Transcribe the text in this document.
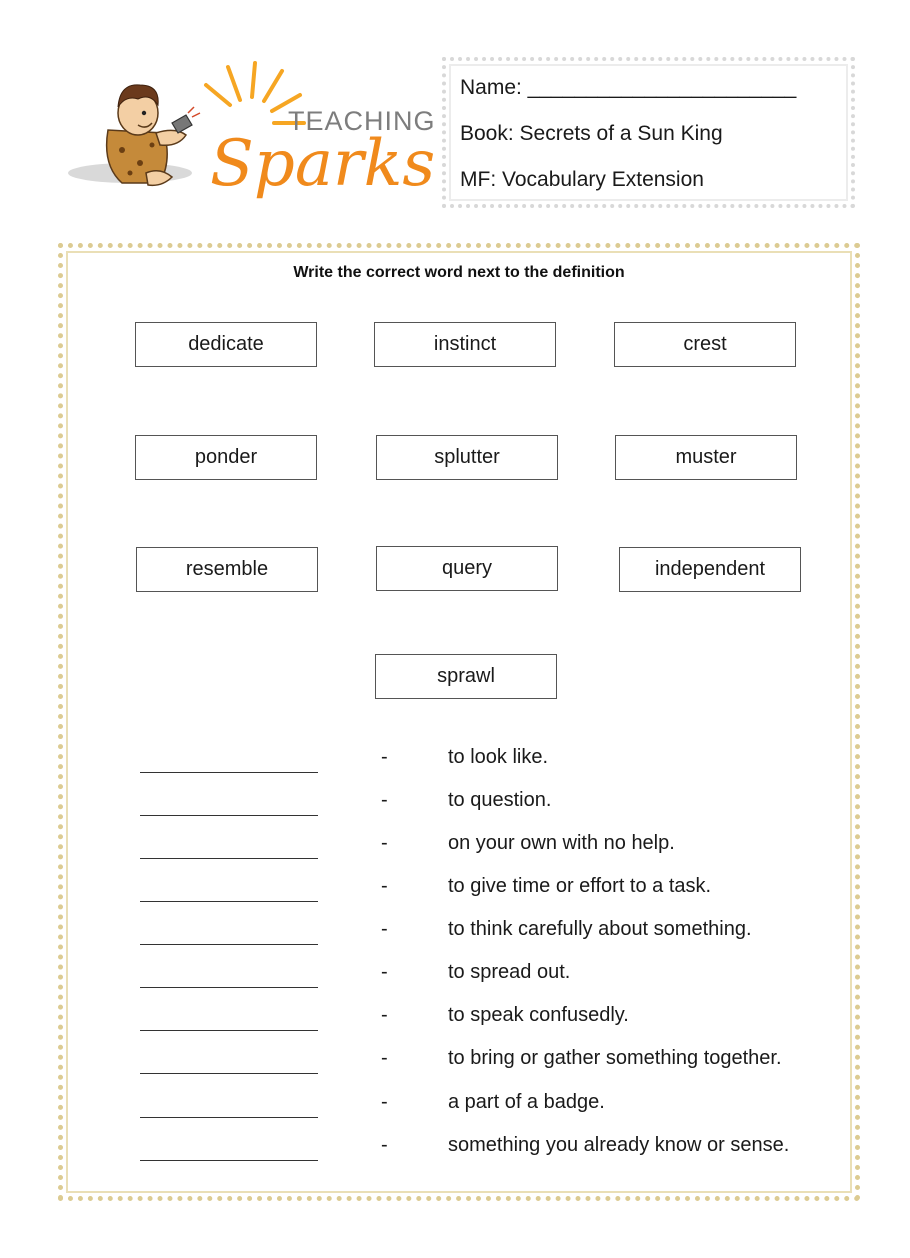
TEACHING
Sparks
Name: _______________________
Book: Secrets of a Sun King
MF: Vocabulary Extension
Write the correct word next to the definition
dedicate	instinct	crest
ponder	splutter	muster
resemble	query	independent
sprawl
-	to look like.
-	to question.
-	on your own with no help.
-	to give time or effort to a task.
-	to think carefully about something.
-	to spread out.
-	to speak confusedly.
-	to bring or gather something together.
-	a part of a badge.
-	something you already know or sense.
